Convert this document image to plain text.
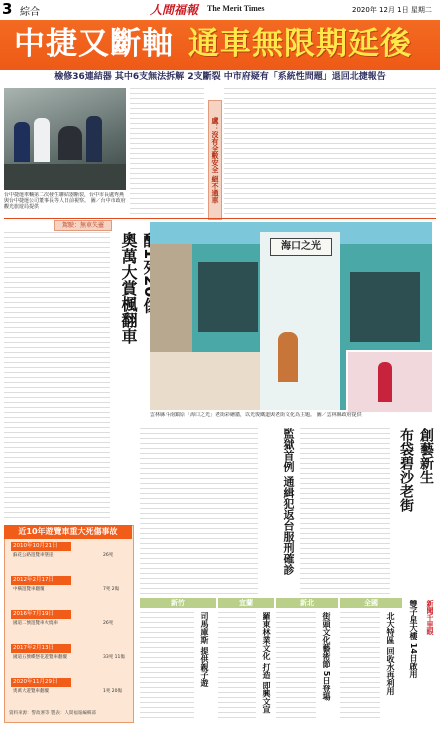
3 綜合	人間福報 The Merit Times	2020年 12月 1日 星期二
中捷又斷軸 通車無限期延後
檢修36連結器 其中6支無法拆解 2支斷裂 中市府疑有「系統性問題」退回北捷報告
台中捷運車輛第二次發生聯結器斷裂，台中市長盧秀燕與台中捷運公司董事長等人日前視察。 圖／台中市政府觀光旅遊局提供
盧：沒有全數安全 絕不通車
駕駛：無車失靈
奧萬大賞楓翻車	海口之光
雲林縣斗南鎮原「海口之光」老街彩繪牆，以光復鐵道與老街文化為主題。 圖／雲林縣政府提供
2010年10月21日
蘇花公路遊覽車墜崖	26死
2012年2月17日
中橫遊覽車翻覆	7死 2傷
2016年7月19日
國道二號遊覽車火燒車	26死
2017年2月13日
國道五號蝶戀花遊覽車翻覆	33死 11傷
2020年11月29日
奧萬大遊覽車翻覆	1死 20傷
資料來源：警政署等 製表：人間福報編輯部
近10年遊覽車重大死傷事故	監獄首例 通緝犯返台服刑確診	布袋碧沙老街 創藝新生
新竹	宜蘭	新北	全國
司馬庫斯 提供親子遊	羅東林業文化 打造 即興文宣	街頭文化藝術節 5日登場	北大特區 回收水再利用	雙子星大樓 14日啟用	新聞千里眼
